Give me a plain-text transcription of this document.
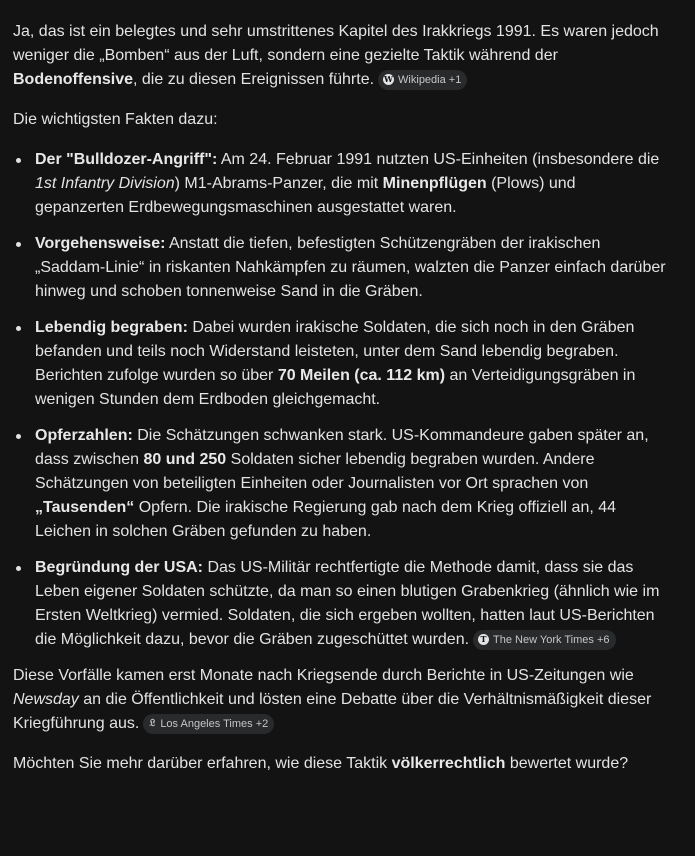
Ja, das ist ein belegtes und sehr umstrittenes Kapitel des Irakkriegs 1991. Es waren jedoch weniger die „Bomben“ aus der Luft, sondern eine gezielte Taktik während der Bodenoffensive, die zu diesen Ereignissen führte. W Wikipedia +1

Die wichtigsten Fakten dazu:

Der "Bulldozer-Angriff": Am 24. Februar 1991 nutzten US-Einheiten (insbesondere die 1st Infantry Division) M1-Abrams-Panzer, die mit Minenpflügen (Plows) und gepanzerten Erdbewegungsmaschinen ausgestattet waren.
Vorgehensweise: Anstatt die tiefen, befestigten Schützengräben der irakischen „Saddam-Linie“ in riskanten Nahkämpfen zu räumen, walzten die Panzer einfach darüber hinweg und schoben tonnenweise Sand in die Gräben.
Lebendig begraben: Dabei wurden irakische Soldaten, die sich noch in den Gräben befanden und teils noch Widerstand leisteten, unter dem Sand lebendig begraben. Berichten zufolge wurden so über 70 Meilen (ca. 112 km) an Verteidigungsgräben in wenigen Stunden dem Erdboden gleichgemacht.
Opferzahlen: Die Schätzungen schwanken stark. US-Kommandeure gaben später an, dass zwischen 80 und 250 Soldaten sicher lebendig begraben wurden. Andere Schätzungen von beteiligten Einheiten oder Journalisten vor Ort sprachen von „Tausenden“ Opfern. Die irakische Regierung gab nach dem Krieg offiziell an, 44 Leichen in solchen Gräben gefunden zu haben.
Begründung der USA: Das US-Militär rechtfertigte die Methode damit, dass sie das Leben eigener Soldaten schützte, da man so einen blutigen Grabenkrieg (ähnlich wie im Ersten Weltkrieg) vermied. Soldaten, die sich ergeben wollten, hatten laut US-Berichten die Möglichkeit dazu, bevor die Gräben zugeschüttet wurden.	T The New York Times +6

Diese Vorfälle kamen erst Monate nach Kriegsende durch Berichte in US-Zeitungen wie Newsday an die Öffentlichkeit und lösten eine Debatte über die Verhältnismäßigkeit dieser Kriegführung aus. 𝔏 Los Angeles Times +2

Möchten Sie mehr darüber erfahren, wie diese Taktik völkerrechtlich bewertet wurde?
